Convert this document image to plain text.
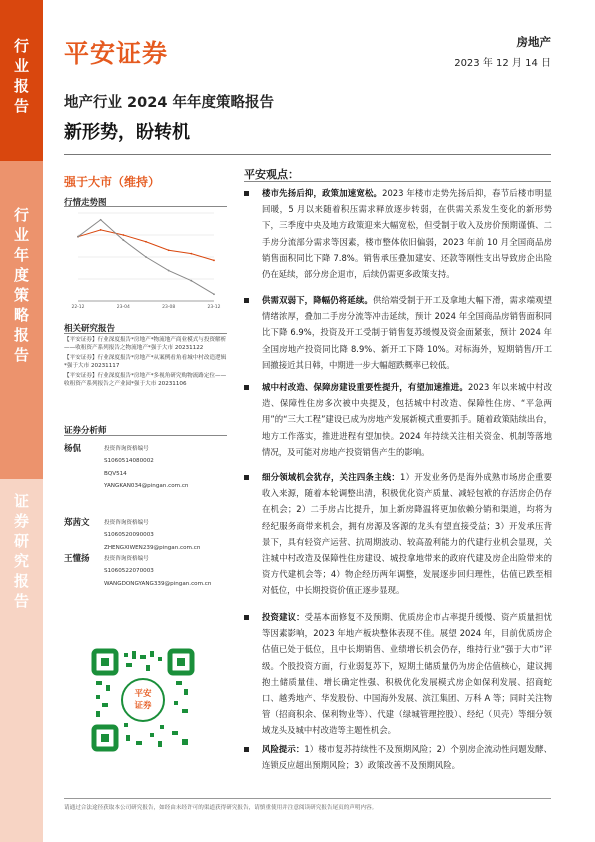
行业报告
行业年度策略报告
证券研究报告
平安证券	房地产
2023 年 12 月 14 日
地产行业 2024 年年度策略报告
新形势，盼转机
强于大市（维持）
行情走势图
22-12	23-04	23-08	23-12
相关研究报告

【平安证券】行业深度报告*房地产*物流地产商业模式与投资解析 ——收租资产系列报告之物流地产*强于大市 20231122

【平安证券】行业深度报告*房地产*从案例看角看城中村改造逻辑*强于大市 20231117

【平安证券】行业深度报告*房地产*多视角研究购物流路定位——收租资产系列报告之产业园*强于大市 20231106

证券分析师
杨侃	投资咨询资格编号
S1060514080002
BQV514
YANGKAN034@pingan.com.cn
郑茜文	投资咨询资格编号
S1060520090003
ZHENGXIWEN239@pingan.com.cn
王懂扬	投资咨询资格编号
S1060522070003
WANGDONGYANG339@pingan.com.cn
平安
证券
平安观点：
楼市先扬后抑，政策加速宽松。2023 年楼市走势先扬后抑，春节后楼市明显回暖，5 月以来随着积压需求释放逐步转弱，在供需关系发生变化的新形势下，三季度中央及地方政策迎来大幅宽松，但受制于收入及房价预期谨慎、二手房分流部分需求等因素，楼市整体依旧偏弱，2023 年前 10 月全国商品房销售面积同比下降 7.8%。销售承压叠加建安、还款等刚性支出导致房企出险仍在延续，部分房企退市，后续仍需更多政策支持。
供需双弱下，降幅仍将延续。供给端受制于开工及拿地大幅下滑，需求端观望情绪浓厚，叠加二手房分流等冲击延续，预计 2024 年全国商品房销售面积同比下降 6.9%，投资及开工受制于销售复苏缓慢及资金面紧张，预计 2024 年全国房地产投资同比降 8.9%、新开工下降 10%。对标海外，短期销售/开工回撤接近其日韩，中期进一步大幅超跌概率已较低。
城中村改造、保障房建设重要性提升，有望加速推进。2023 年以来城中村改造、保障性住房多次被中央提及，包括城中村改造、保障性住房、“平急两用”的“三大工程”建设已成为房地产发展新模式重要抓手。随着政策陆续出台，地方工作落实，推进进程有望加快。2024 年持续关注相关资金、机制等落地情况，及可能对房地产投资销售产生的影响。
细分领域机会犹存，关注四条主线：1）开发业务仍是海外成熟市场房企重要收入来源，随着本轮调整出清，积极优化资产质量、减轻包袱的存活房企仍存在机会；2）二手房占比提升，加上新房降温将更加依赖分销和渠道，均将为经纪服务商带来机会，拥有房源及客源的龙头有望直接受益；3）开发承压背景下，具有轻资产运营、抗周期波动、较高盈利能力的代建行业机会显现，关注城中村改造及保障性住房建设、城投拿地带来的政府代建及房企出险带来的资方代建机会等；4）物企经历两年调整，发展逐步回归理性，估值已跌至相对低位，中长期投资价值正逐步显现。
投资建议：受基本面修复不及预期、优质房企市占率提升缓慢、资产质量担忧等因素影响，2023 年地产板块整体表现不佳。展望 2024 年，目前优质房企估值已处于低位，且中长期销售、业绩增长机会仍存，维持行业“强于大市”评级。个股投资方面，行业弱复苏下，短期土储质量仍为房企估值核心，建议拥抱土储质量佳、增长确定性强、积极优化发展模式房企如保利发展、招商蛇口、越秀地产、华发股份、中国海外发展、滨江集团、万科 A 等；同时关注物管（招商积余、保利物业等）、代建（绿城管理控股）、经纪（贝壳）等细分领域龙头及城中村改造等主题性机会。
风险提示：1）楼市复苏持续性不及预期风险；2）个别房企流动性问题发酵、连锁反应超出预期风险；3）政策改善不及预期风险。
请通过合法途径获取本公司研究报告，如经由未经许可的渠道获得研究报告，请慎重使用并注意阅读研究报告尾页的声明内容。
